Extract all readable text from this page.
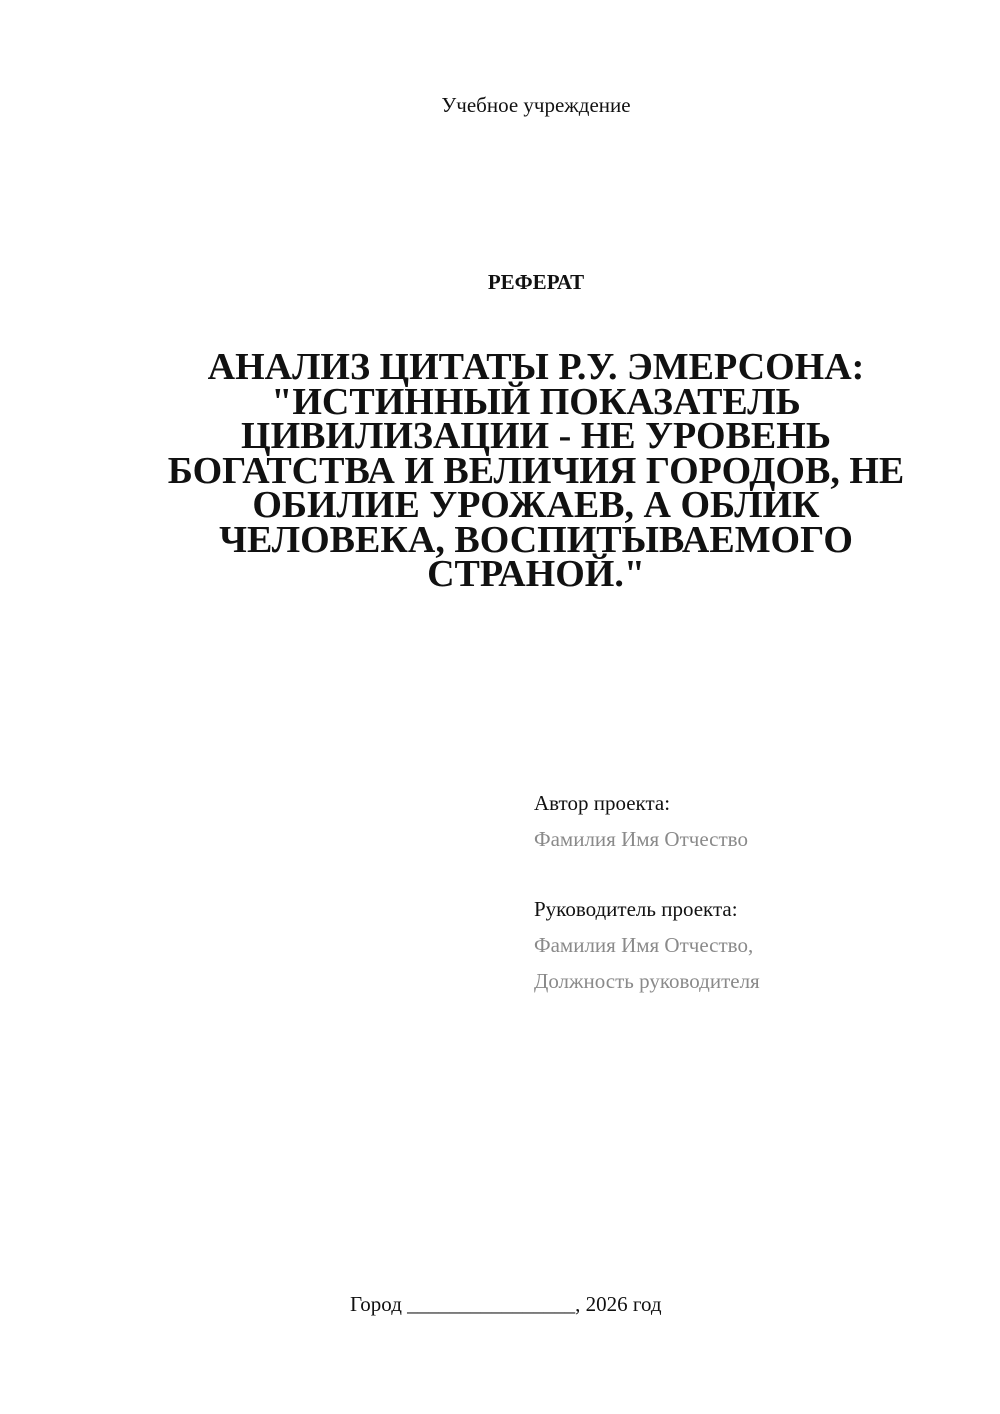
Учебное учреждение
РЕФЕРАТ
АНАЛИЗ ЦИТАТЫ Р.У. ЭМЕРСОНА:
"ИСТИННЫЙ ПОКАЗАТЕЛЬ
ЦИВИЛИЗАЦИИ - НЕ УРОВЕНЬ
БОГАТСТВА И ВЕЛИЧИЯ ГОРОДОВ, НЕ
ОБИЛИЕ УРОЖАЕВ, А ОБЛИК
ЧЕЛОВЕКА, ВОСПИТЫВАЕМОГО
СТРАНОЙ."
Автор проекта:
Фамилия Имя Отчество
Руководитель проекта:
Фамилия Имя Отчество,
Должность руководителя
Город ________________, 2026 год
